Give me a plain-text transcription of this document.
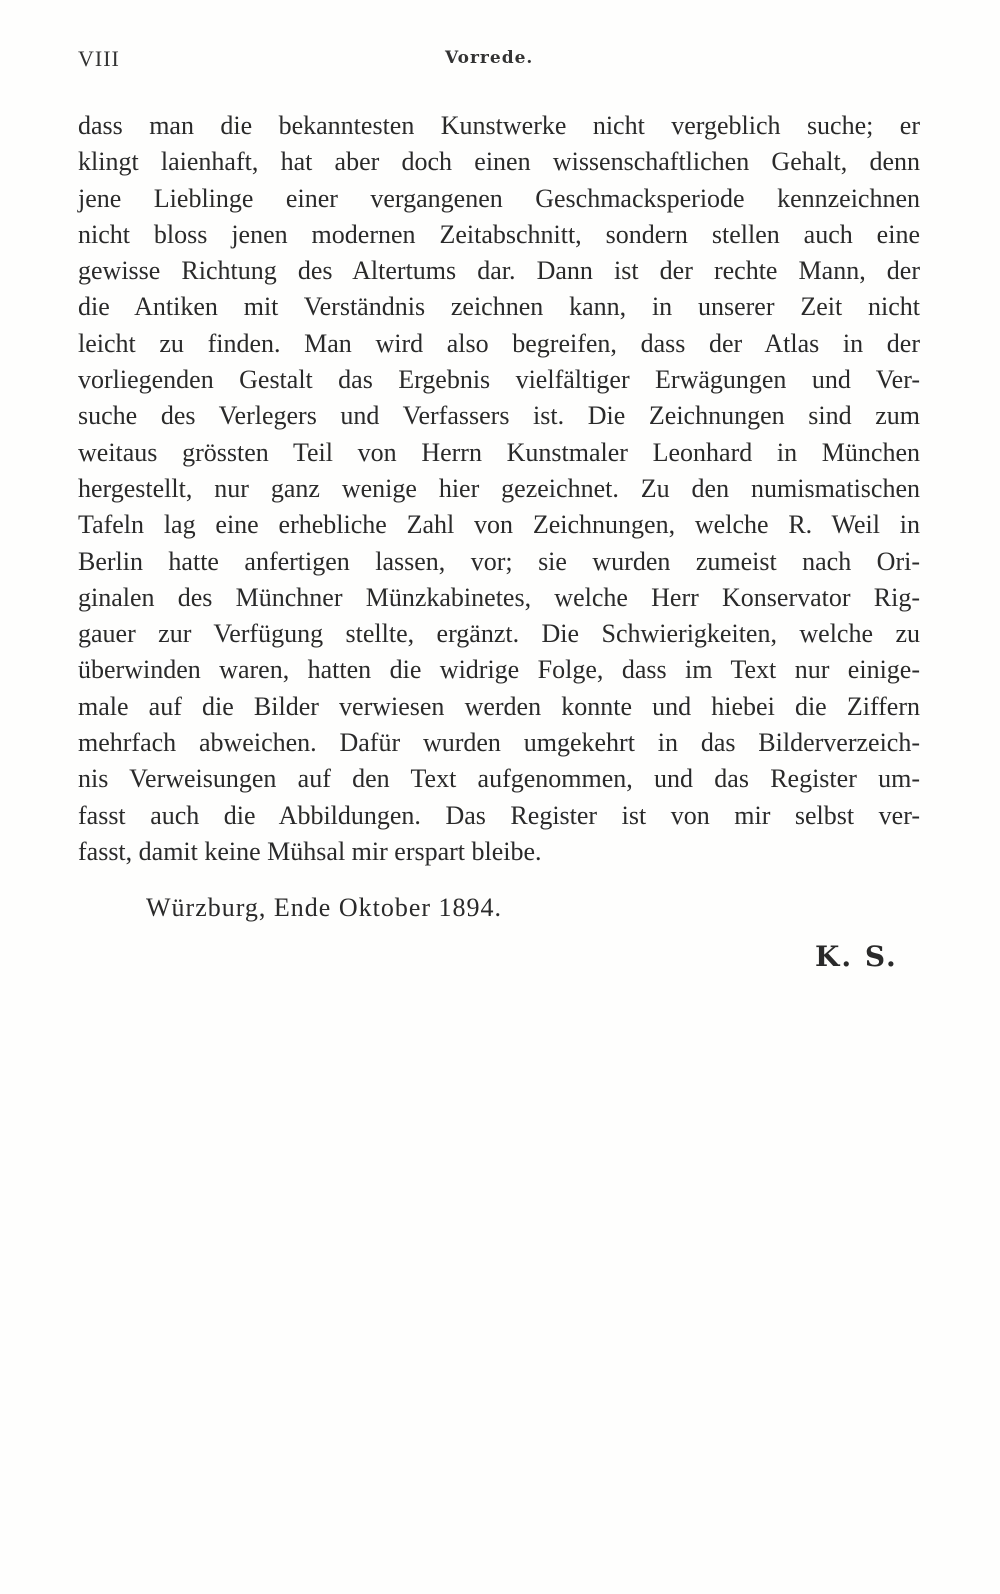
VIII	Vorrede.
dass man die bekanntesten Kunstwerke nicht vergeblich suche; er
klingt laienhaft, hat aber doch einen wissenschaftlichen Gehalt, denn
jene Lieblinge einer vergangenen Geschmacksperiode kennzeichnen
nicht bloss jenen modernen Zeitabschnitt, sondern stellen auch eine
gewisse Richtung des Altertums dar. Dann ist der rechte Mann, der
die Antiken mit Verständnis zeichnen kann, in unserer Zeit nicht
leicht zu finden. Man wird also begreifen, dass der Atlas in der
vorliegenden Gestalt das Ergebnis vielfältiger Erwägungen und Ver-
suche des Verlegers und Verfassers ist. Die Zeichnungen sind zum
weitaus grössten Teil von Herrn Kunstmaler Leonhard in München
hergestellt, nur ganz wenige hier gezeichnet. Zu den numismatischen
Tafeln lag eine erhebliche Zahl von Zeichnungen, welche R. Weil in
Berlin hatte anfertigen lassen, vor; sie wurden zumeist nach Ori-
ginalen des Münchner Münzkabinetes, welche Herr Konservator Rig-
gauer zur Verfügung stellte, ergänzt. Die Schwierigkeiten, welche zu
überwinden waren, hatten die widrige Folge, dass im Text nur einige-
male auf die Bilder verwiesen werden konnte und hiebei die Ziffern
mehrfach abweichen. Dafür wurden umgekehrt in das Bilderverzeich-
nis Verweisungen auf den Text aufgenommen, und das Register um-
fasst auch die Abbildungen. Das Register ist von mir selbst ver-
fasst, damit keine Mühsal mir erspart bleibe.
Würzburg, Ende Oktober 1894.
K. S.
